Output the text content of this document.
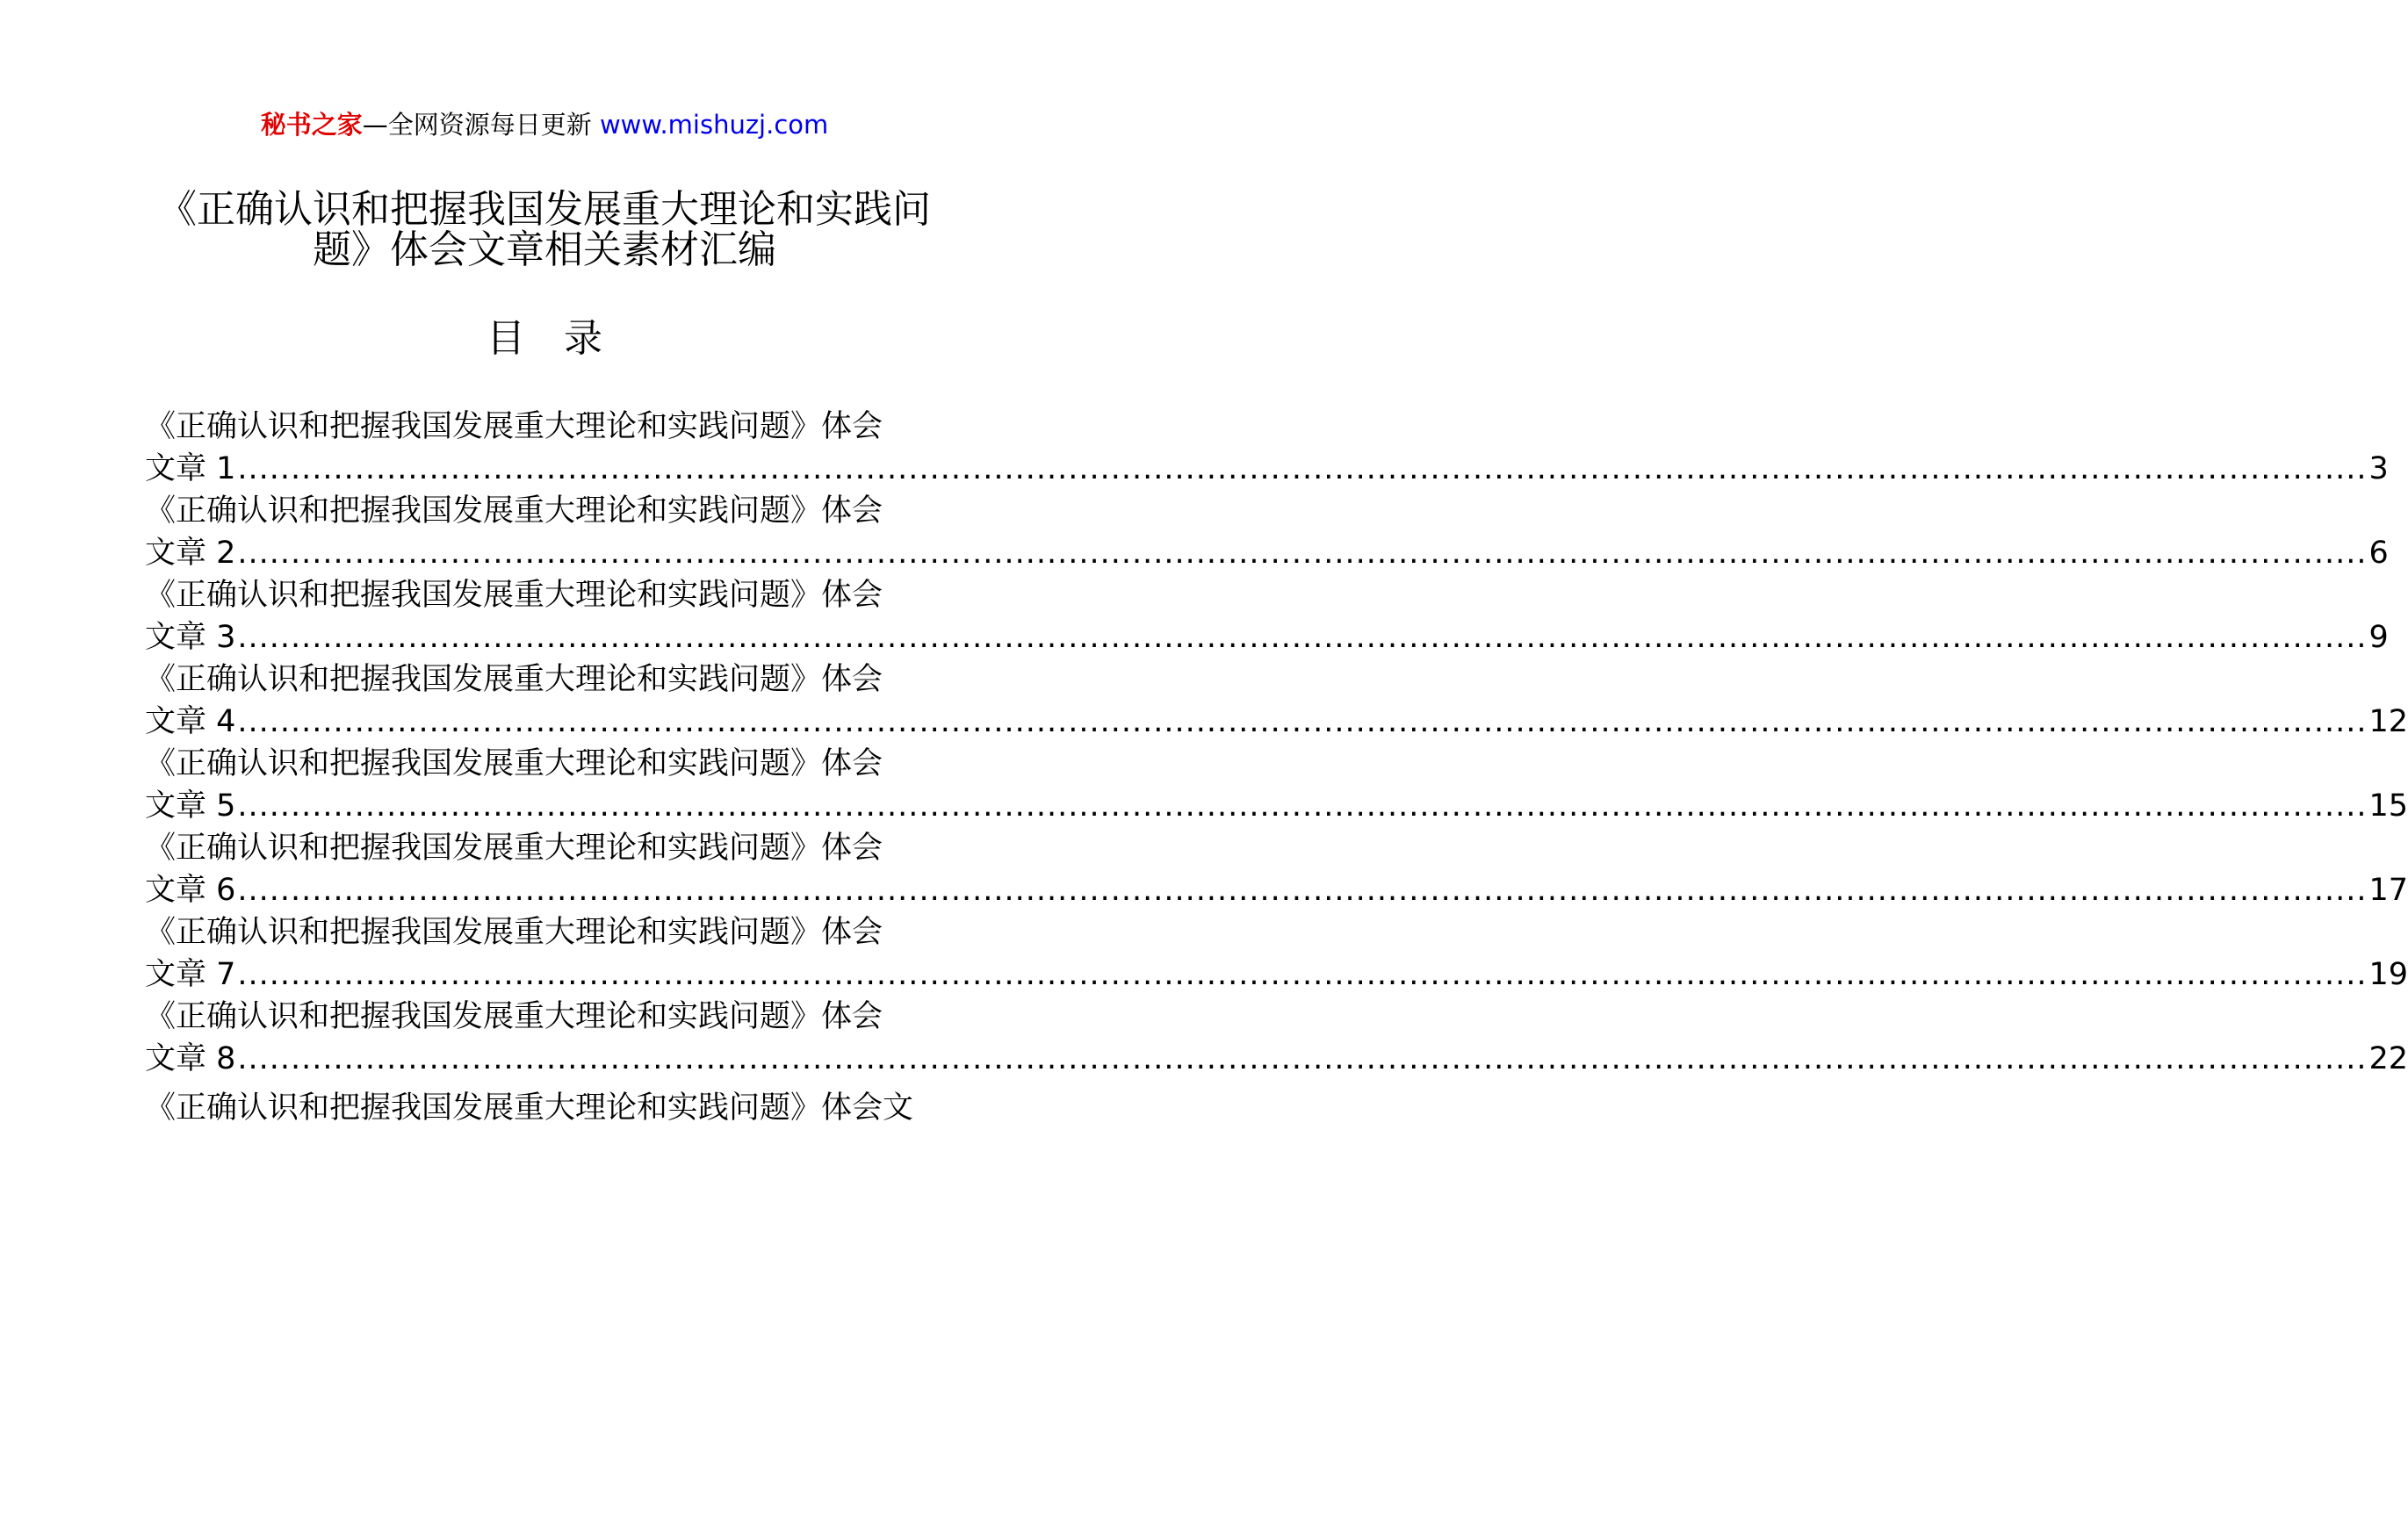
秘书之家—全网资源每日更新 www.mishuzj.com
《正确认识和把握我国发展重大理论和实践问题》体会文章相关素材汇编
目　录
《正确认识和把握我国发展重大理论和实践问题》体会
文章 1 ........................................................................................................................................................................................................ 3
《正确认识和把握我国发展重大理论和实践问题》体会
文章 2 ........................................................................................................................................................................................................ 6
《正确认识和把握我国发展重大理论和实践问题》体会
文章 3 ........................................................................................................................................................................................................ 9
《正确认识和把握我国发展重大理论和实践问题》体会
文章 4 ........................................................................................................................................................................................................ 12
《正确认识和把握我国发展重大理论和实践问题》体会
文章 5 ........................................................................................................................................................................................................ 15
《正确认识和把握我国发展重大理论和实践问题》体会
文章 6 ........................................................................................................................................................................................................ 17
《正确认识和把握我国发展重大理论和实践问题》体会
文章 7 ........................................................................................................................................................................................................ 19
《正确认识和把握我国发展重大理论和实践问题》体会
文章 8 ........................................................................................................................................................................................................ 22
《正确认识和把握我国发展重大理论和实践问题》体会文
